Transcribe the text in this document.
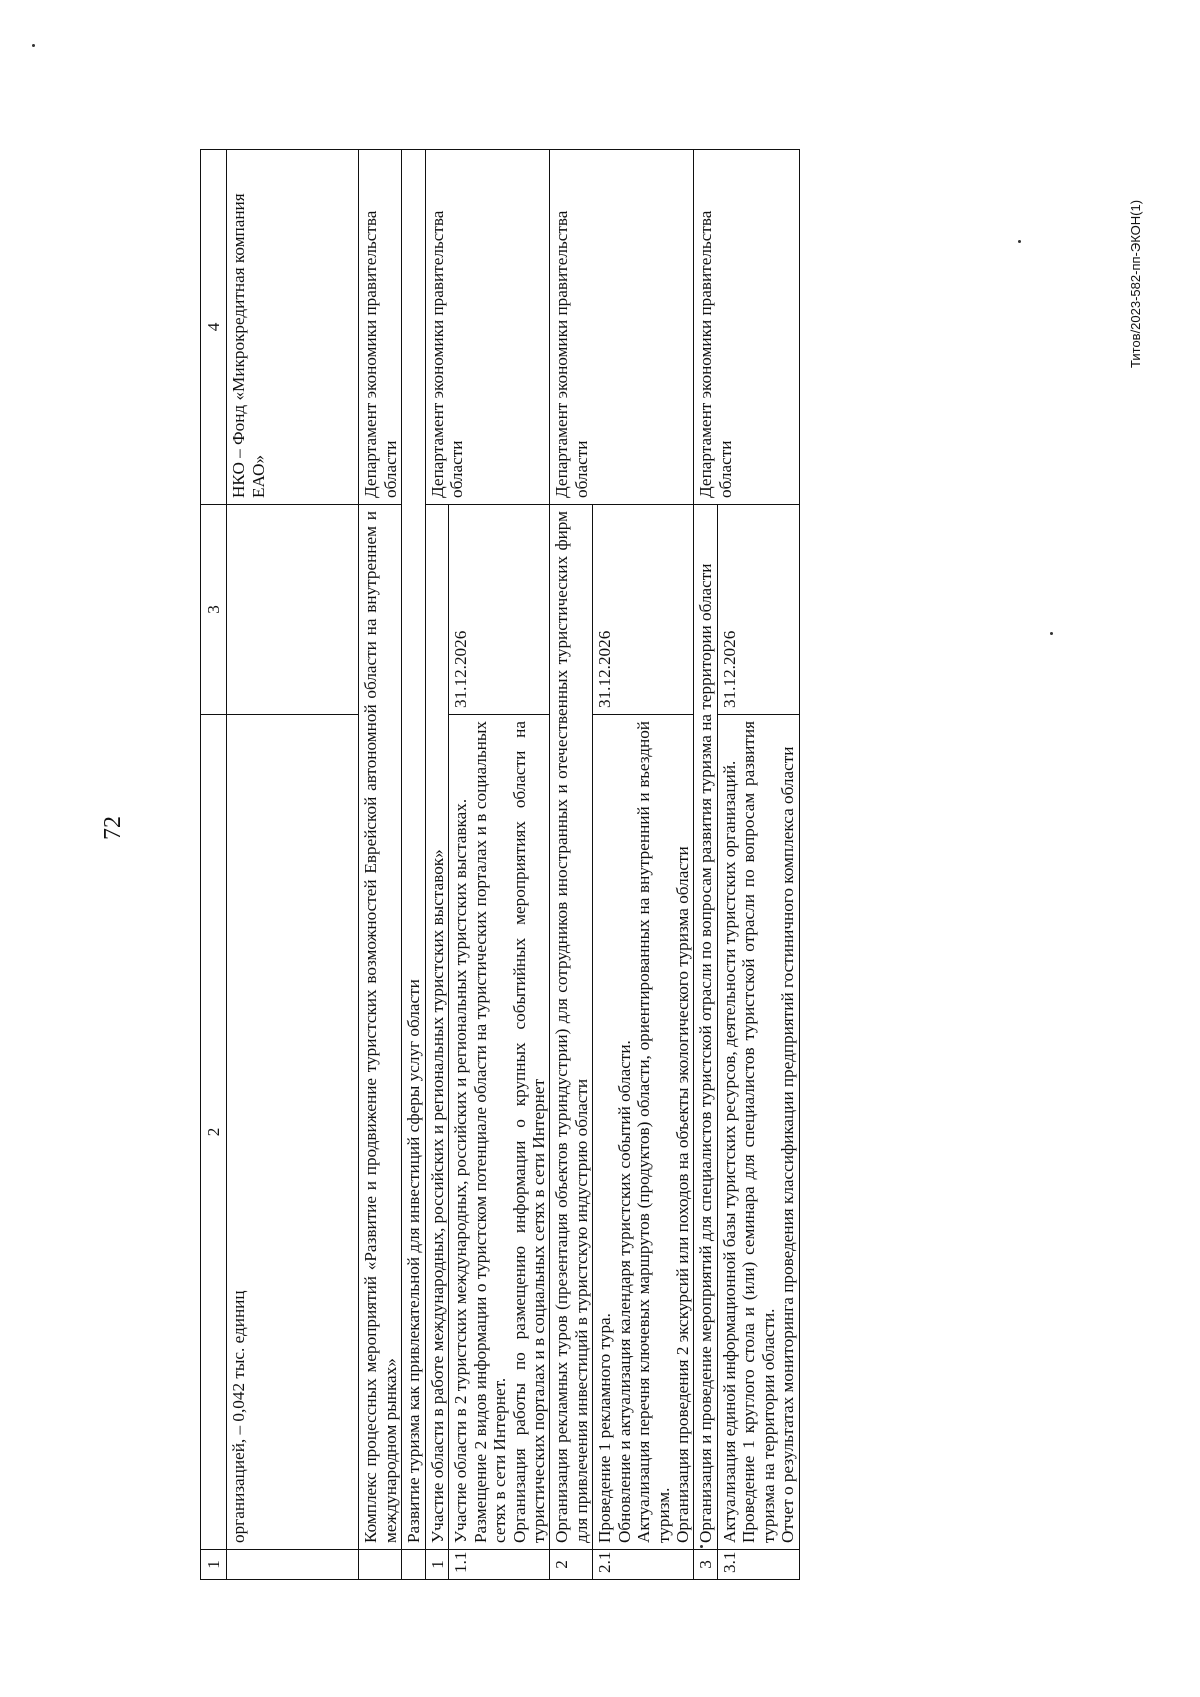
72
Титов/2023-582-пп-ЭКОН(1)
1	2	3	4
	организацией, – 0,042 тыс. единиц		НКО – Фонд «Микрокредитная компания ЕАО»
	Комплекс процессных мероприятий «Развитие и продвижение туристских возможностей Еврейской автономной области на внутреннем и международном рынках»		Департамент экономики правительства области
	Развитие туризма как привлекательной для инвестиций сферы услуг области		
1	Участие области в работе международных, российских и региональных туристских выставок»		Департамент экономики правительства области
1.1	Участие области в 2 туристских международных, российских и региональных туристских выставках. Размещение 2 видов информации о туристском потенциале области на туристических порталах и в социальных сетях в сети Интернет. Организация работы по размещению информации о крупных событийных мероприятиях области на туристических порталах и в социальных сетях в сети Интернет	31.12.2026	
2	Организация рекламных туров (презентация объектов туриндустрии) для сотрудников иностранных и отечественных туристических фирм для привлечения инвестиций в туристскую индустрию области		Департамент экономики правительства области
2.1	Проведение 1 рекламного тура. Обновление и актуализация календаря туристских событий области. Актуализация перечня ключевых маршрутов (продуктов) области, ориентированных на внутренний и въездной туризм. Организация проведения 2 экскурсий или походов на объекты экологического туризма области	31.12.2026	
3	Организация и проведение мероприятий для специалистов туристской отрасли по вопросам развития туризма на территории области		Департамент экономики правительства области
3.1	Актуализация единой информационной базы туристских ресурсов, деятельности туристских организаций. Проведение 1 круглого стола и (или) семинара для специалистов туристской отрасли по вопросам развития туризма на территории области. Отчет о результатах мониторинга проведения классификации предприятий гостиничного комплекса области	31.12.2026	
